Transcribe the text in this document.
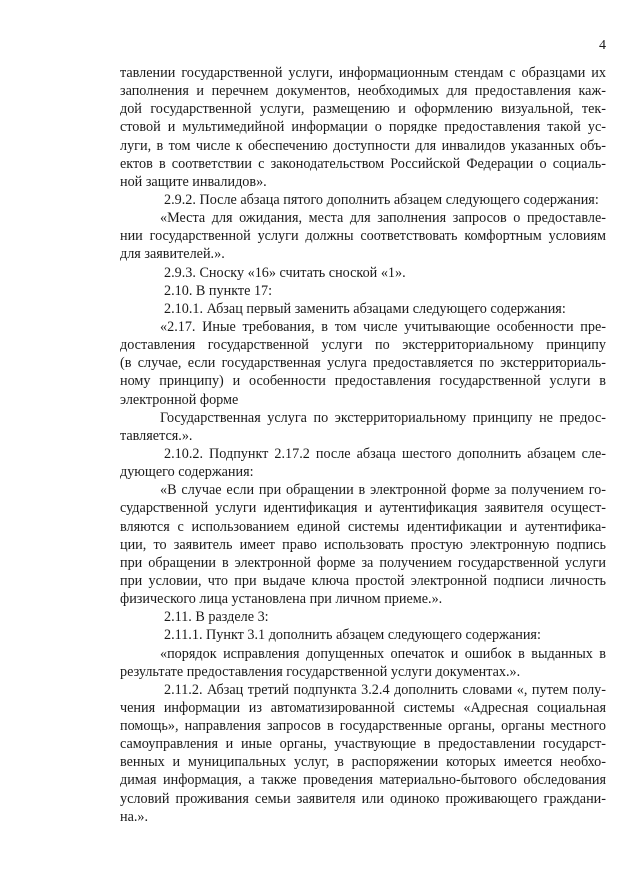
4
тавлении государственной услуги, информационным стендам с образцами их
заполнения и перечнем документов, необходимых для предоставления каж-
дой государственной услуги, размещению и оформлению визуальной, тек-
стовой и мультимедийной информации о порядке предоставления такой ус-
луги, в том числе к обеспечению доступности для инвалидов указанных объ-
ектов в соответствии с законодательством Российской Федерации о социаль-
ной защите инвалидов».
2.9.2. После абзаца пятого дополнить абзацем следующего содержания:
«Места для ожидания, места для заполнения запросов о предоставле-
нии государственной услуги должны соответствовать комфортным условиям
для заявителей.».
2.9.3. Сноску «16» считать сноской «1».
2.10. В пункте 17:
2.10.1. Абзац первый заменить абзацами следующего содержания:
«2.17. Иные требования, в том числе учитывающие особенности пре-
доставления государственной услуги по экстерриториальному принципу
(в случае, если государственная услуга предоставляется по экстерриториаль-
ному принципу) и особенности предоставления государственной услуги в
электронной форме
Государственная услуга по экстерриториальному принципу не предос-
тавляется.».
2.10.2. Подпункт 2.17.2 после абзаца шестого дополнить абзацем сле-
дующего содержания:
«В случае если при обращении в электронной форме за получением го-
сударственной услуги идентификация и аутентификация заявителя осущест-
вляются с использованием единой системы идентификации и аутентифика-
ции, то заявитель имеет право использовать простую электронную подпись
при обращении в электронной форме за получением государственной услуги
при условии, что при выдаче ключа простой электронной подписи личность
физического лица установлена при личном приеме.».
2.11. В разделе 3:
2.11.1. Пункт 3.1 дополнить абзацем следующего содержания:
«порядок исправления допущенных опечаток и ошибок в выданных в
результате предоставления государственной услуги документах.».
2.11.2. Абзац третий подпункта 3.2.4 дополнить словами «, путем полу-
чения информации из автоматизированной системы «Адресная социальная
помощь», направления запросов в государственные органы, органы местного
самоуправления и иные органы, участвующие в предоставлении государст-
венных и муниципальных услуг, в распоряжении которых имеется необхо-
димая информация, а также проведения материально-бытового обследования
условий проживания семьи заявителя или одиноко проживающего граждани-
на.».
